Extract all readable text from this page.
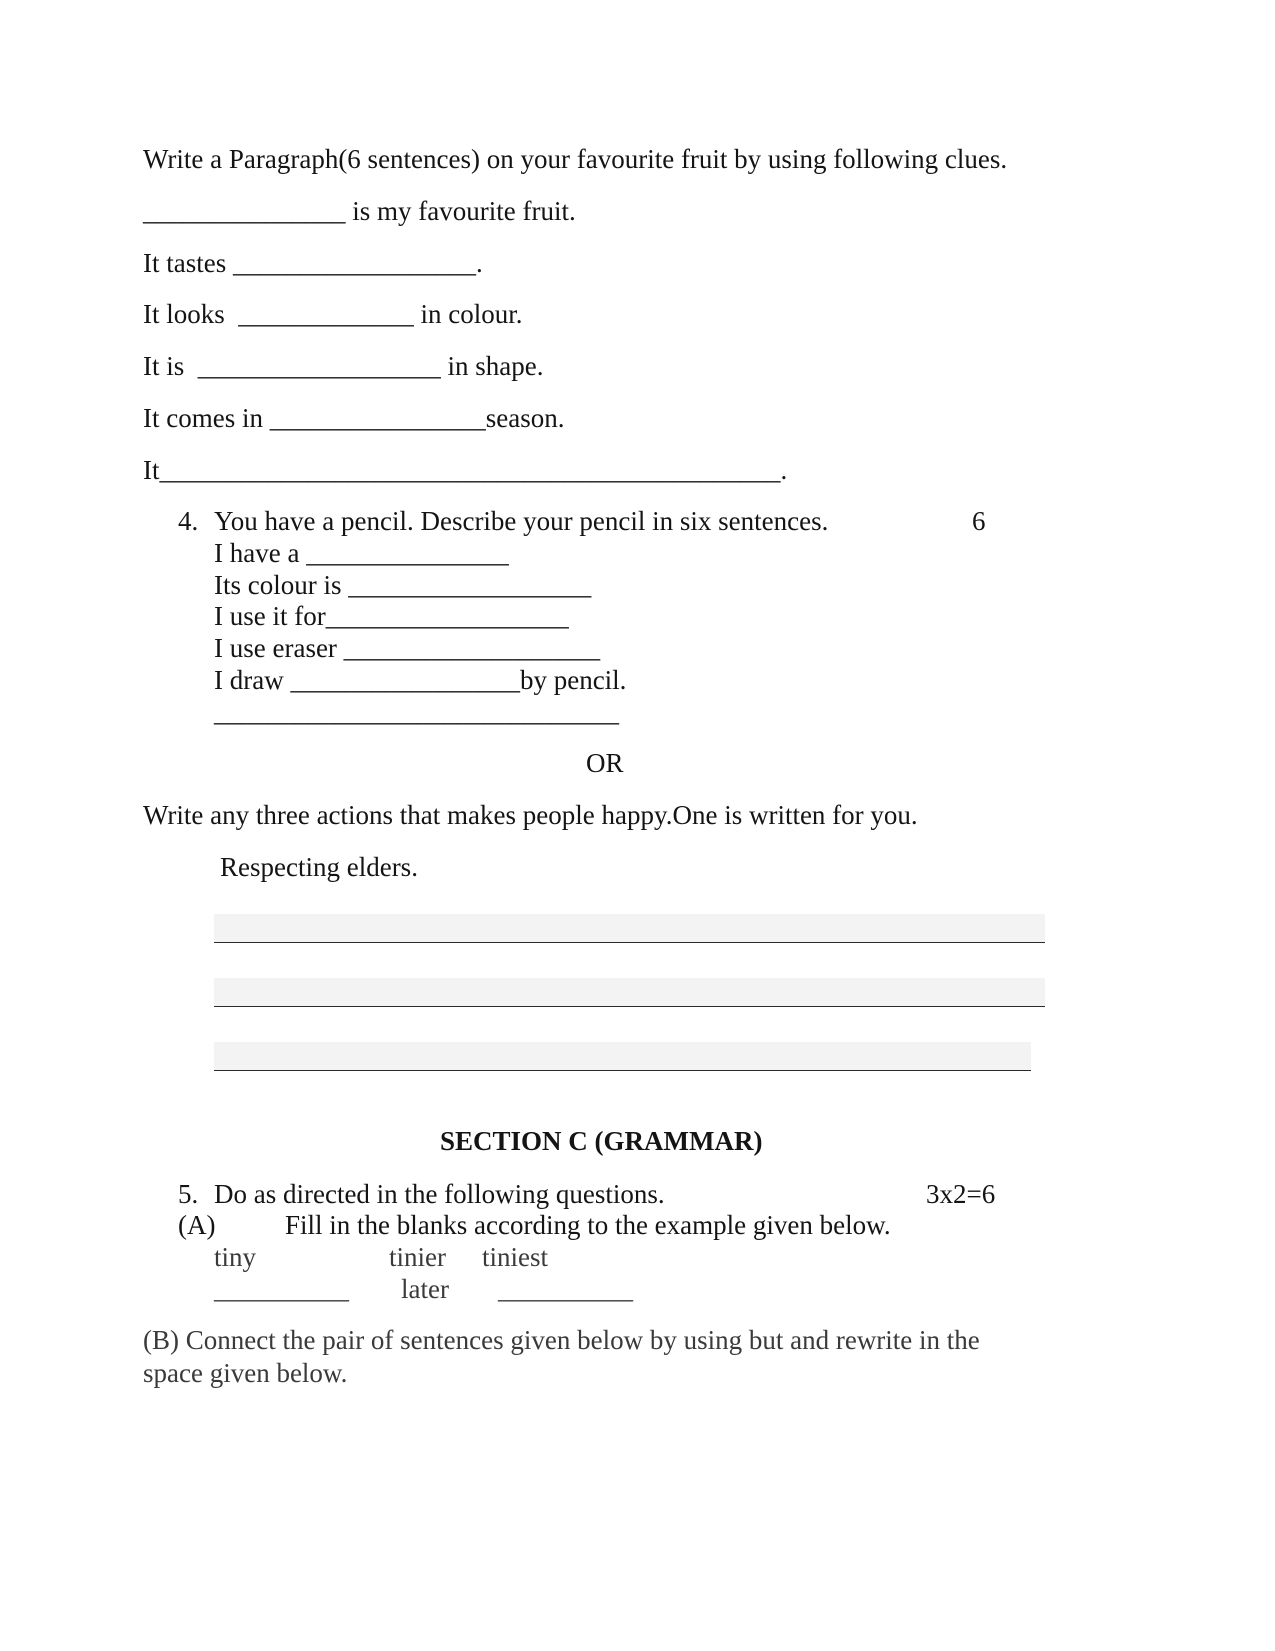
Write a Paragraph(6 sentences) on your favourite fruit by using following clues.
_______________ is my favourite fruit.
It tastes __________________.
It looks  _____________ in colour.
It is  __________________ in shape.
It comes in ________________season.
It______________________________________________.
4. You have a pencil. Describe your pencil in six sentences.	6
I have a _______________
Its colour is __________________
I use it for__________________
I use eraser ___________________
I draw _________________by pencil.
______________________________
OR
Write any three actions that makes people happy.One is written for you.
Respecting elders.
SECTION C (GRAMMAR)
5. Do as directed in the following questions.	3x2=6
(A)	Fill in the blanks according to the example given below.
tiny	tinier tiniest
__________ later __________
(B) Connect the pair of sentences given below by using but and rewrite in the
space given below.
